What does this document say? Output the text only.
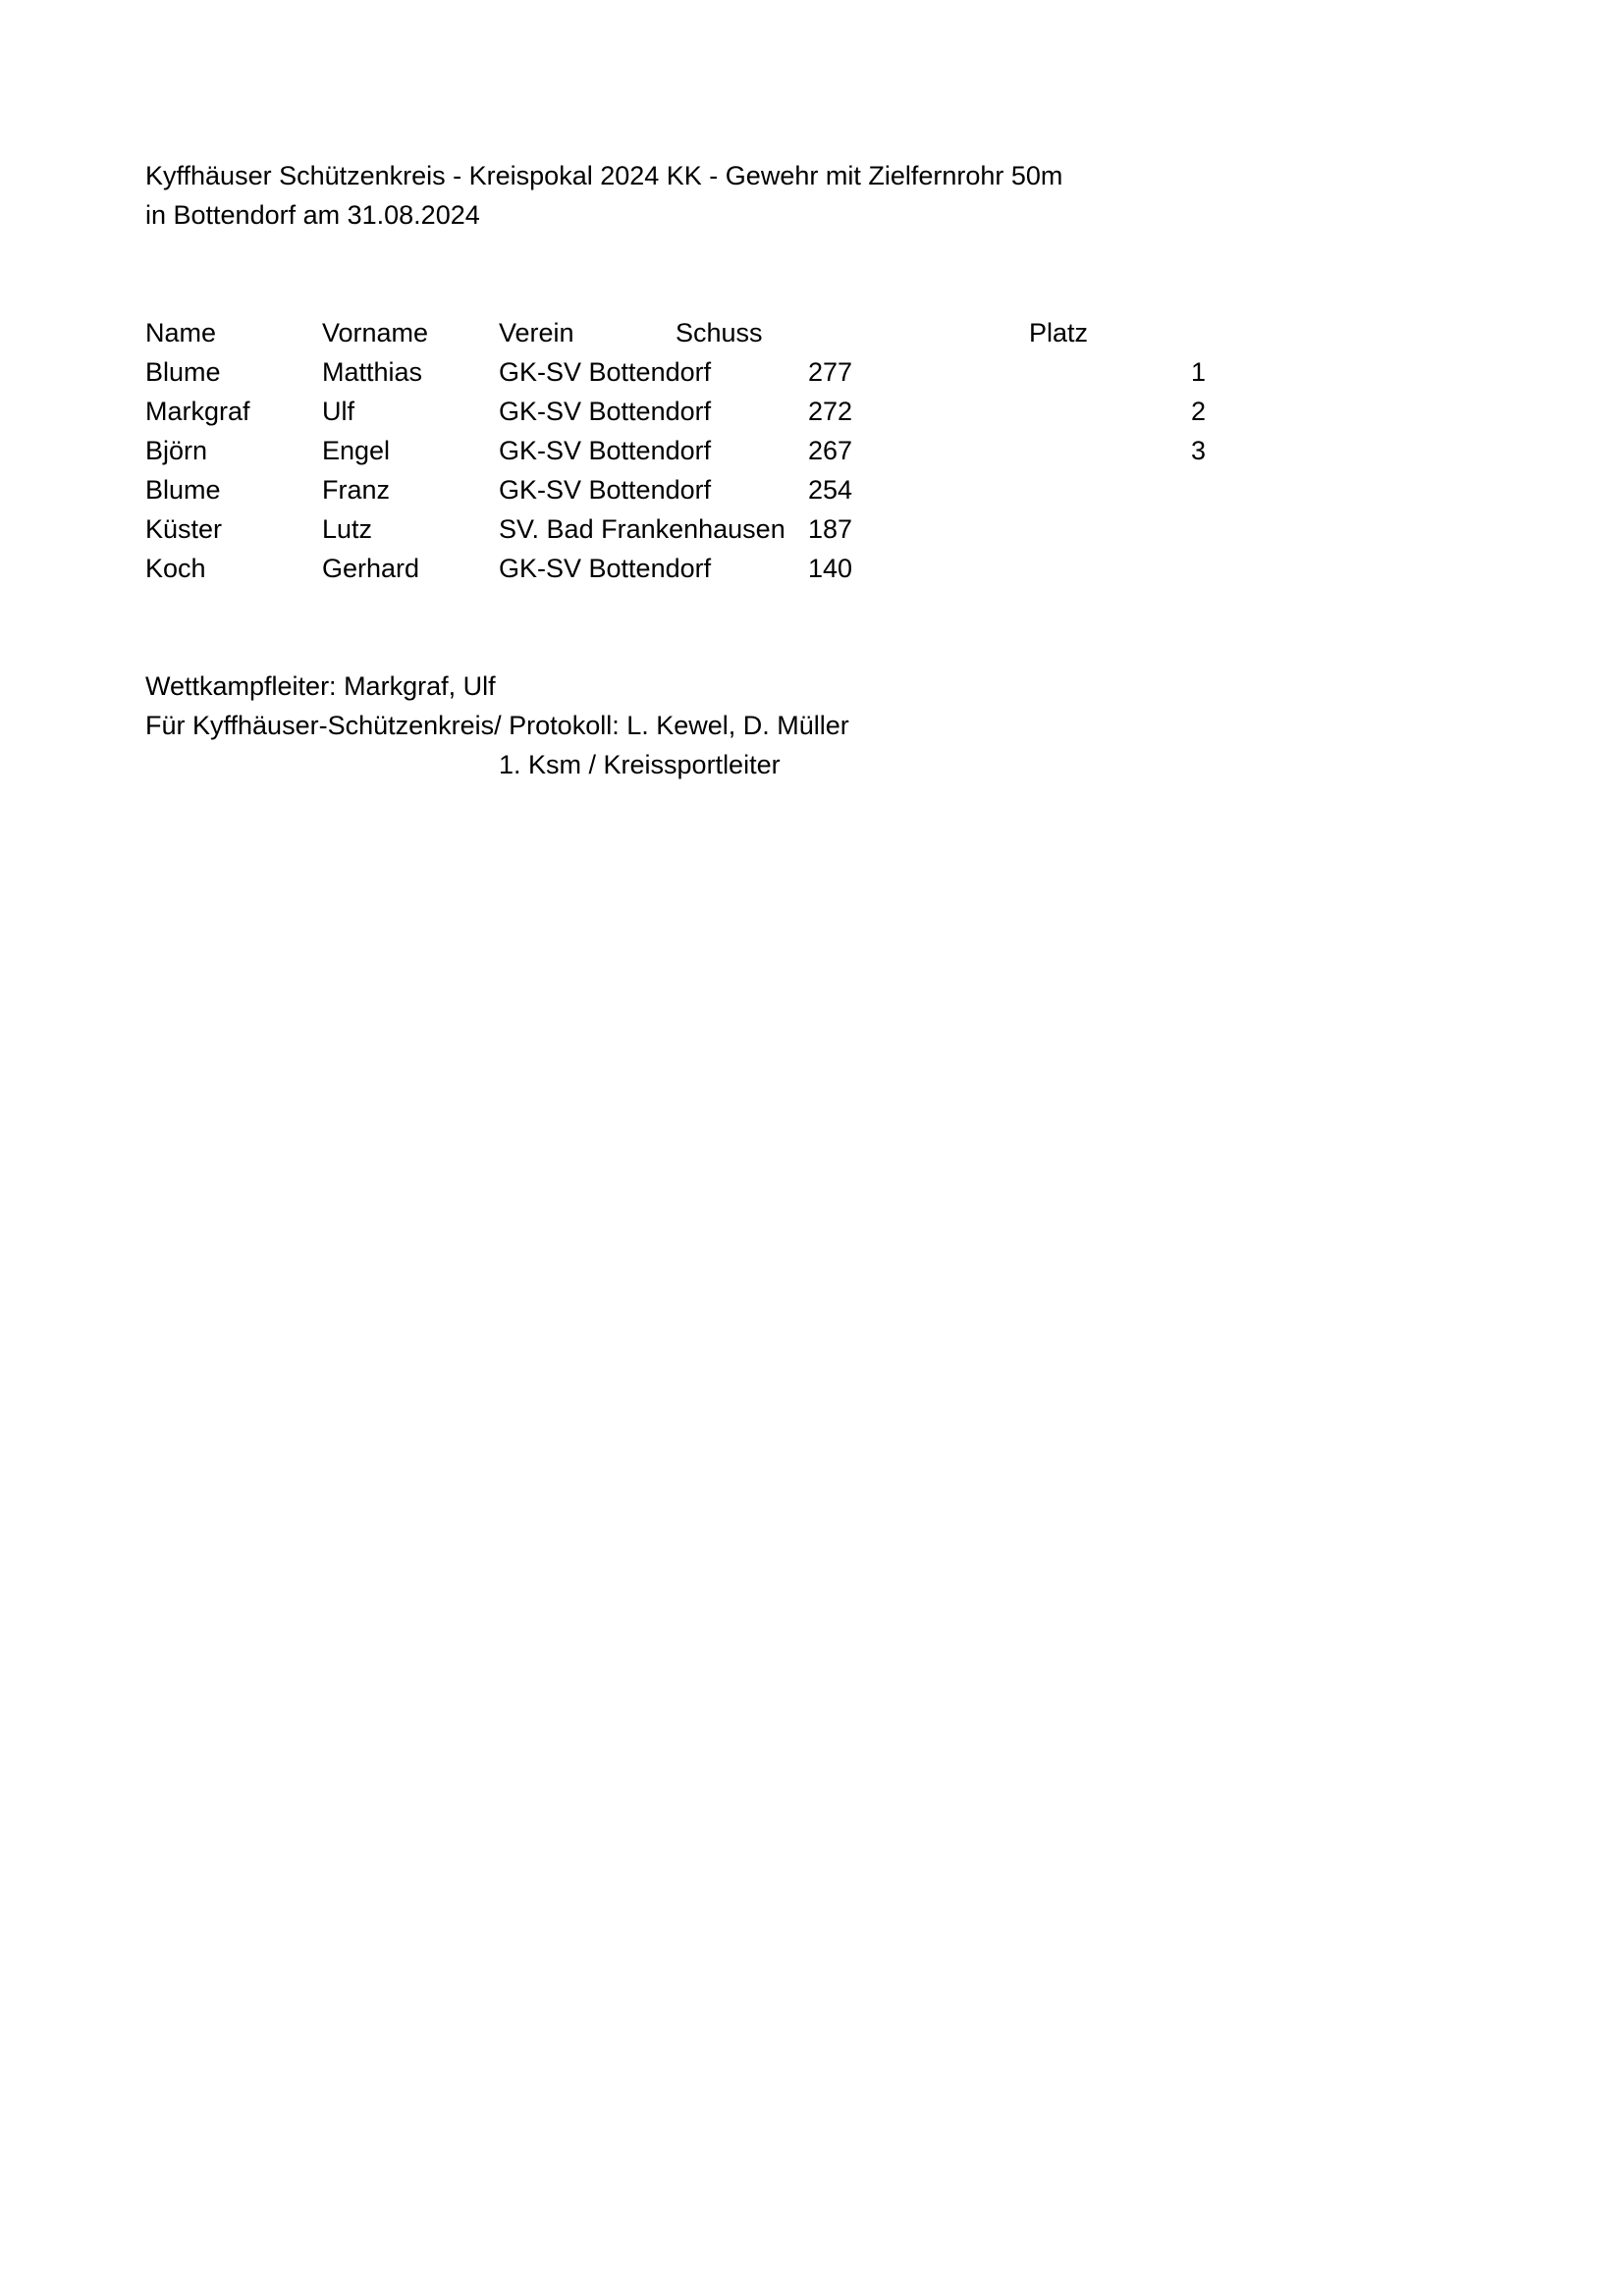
Kyffhäuser Schützenkreis - Kreispokal 2024 KK - Gewehr mit Zielfernrohr 50m
in Bottendorf am 31.08.2024
Name	Vorname	Verein	Schuss	Platz
Blume	Matthias	GK-SV Bottendorf	277	1
Markgraf	Ulf	GK-SV Bottendorf	272	2
Björn	Engel	GK-SV Bottendorf	267	3
Blume	Franz	GK-SV Bottendorf	254
Küster	Lutz	SV. Bad Frankenhausen 187
Koch	Gerhard	GK-SV Bottendorf	140
Wettkampfleiter: Markgraf, Ulf
Für Kyffhäuser-Schützenkreis/ Protokoll: L. Kewel, D. Müller
1. Ksm / Kreissportleiter
